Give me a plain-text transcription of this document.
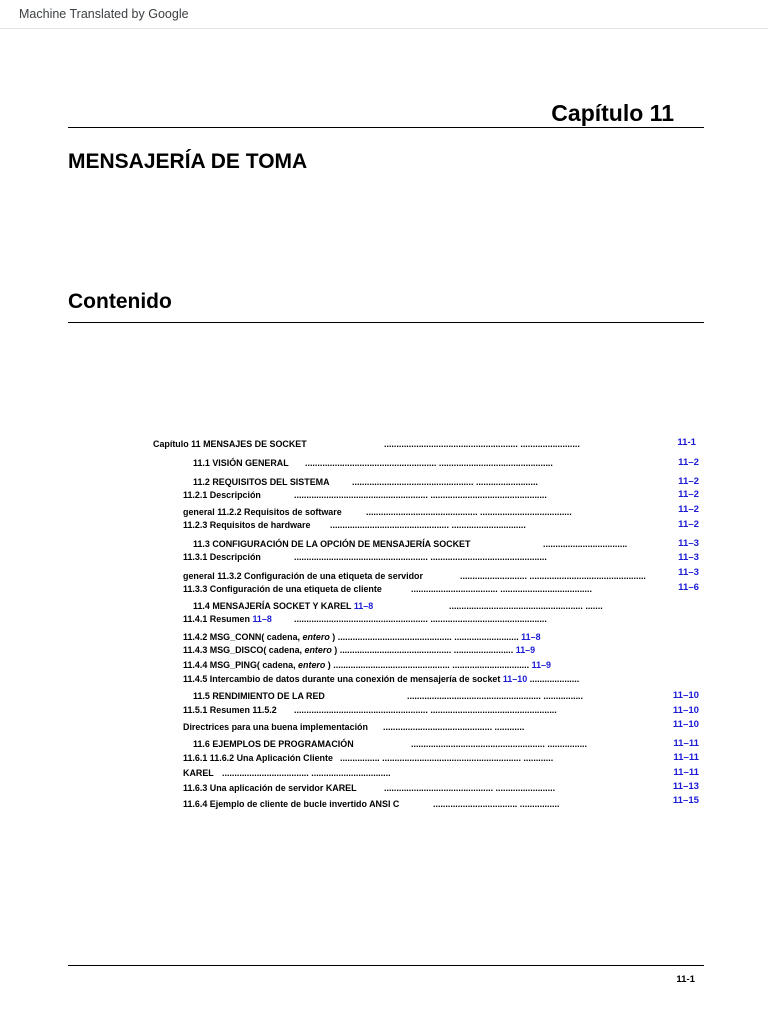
Machine Translated by Google
Capítulo 11
MENSAJERÍA DE TOMA
Contenido
Capítulo 11 MENSAJES DE SOCKET	...................................................... ........................	11-1
11.1 VISIÓN GENERAL ..................................................... ..............................................	11–2
11.2 REQUISITOS DEL SISTEMA ................................................. .........................	11–2
11.2.1 Descripción	...................................................... ...............................................	11–2
general 11.2.2 Requisitos de software	............................................. .....................................	11–2
11.2.3 Requisitos de hardware ................................................ ..............................	11–2
11.3 CONFIGURACIÓN DE LA OPCIÓN DE MENSAJERÍA SOCKET	..................................	11–3
11.3.1 Descripción	...................................................... ...............................................	11–3
general 11.3.2 Configuración de una etiqueta de servidor	........................... ...............................................	11–3
11.3.3 Configuración de una etiqueta de cliente	................................... .....................................	11–6
11.4 MENSAJERÍA SOCKET Y KAREL 11–8	...................................................... .......
11.4.1 Resumen 11–8 ...................................................... ...............................................
11.4.2 MSG_CONN( cadena, entero ) .............................................. .......................... 11–8
11.4.3 MSG_DISCO( cadena, entero ) ............................................. ........................ 11–9
11.4.4 MSG_PING( cadena, entero ) ............................................... ............................... 11–9
11.4.5 Intercambio de datos durante una conexión de mensajería de socket 11–10 ....................
11.5 RENDIMIENTO DE LA RED	...................................................... ................	11–10
11.5.1 Resumen 11.5.2 ...................................................... ...................................................	11–10
Directrices para una buena implementación ............................................ ............	11–10
11.6 EJEMPLOS DE PROGRAMACIÓN	...................................................... ................	11–11
11.6.1 11.6.2 Una Aplicación Cliente ................ ........................................................ ............	11–11
KAREL ................................... ................................	11–11
11.6.3 Una aplicación de servidor KAREL	............................................ ........................	11–13
11.6.4 Ejemplo de cliente de bucle invertido ANSI C	.................................. ................	11–15
11-1
